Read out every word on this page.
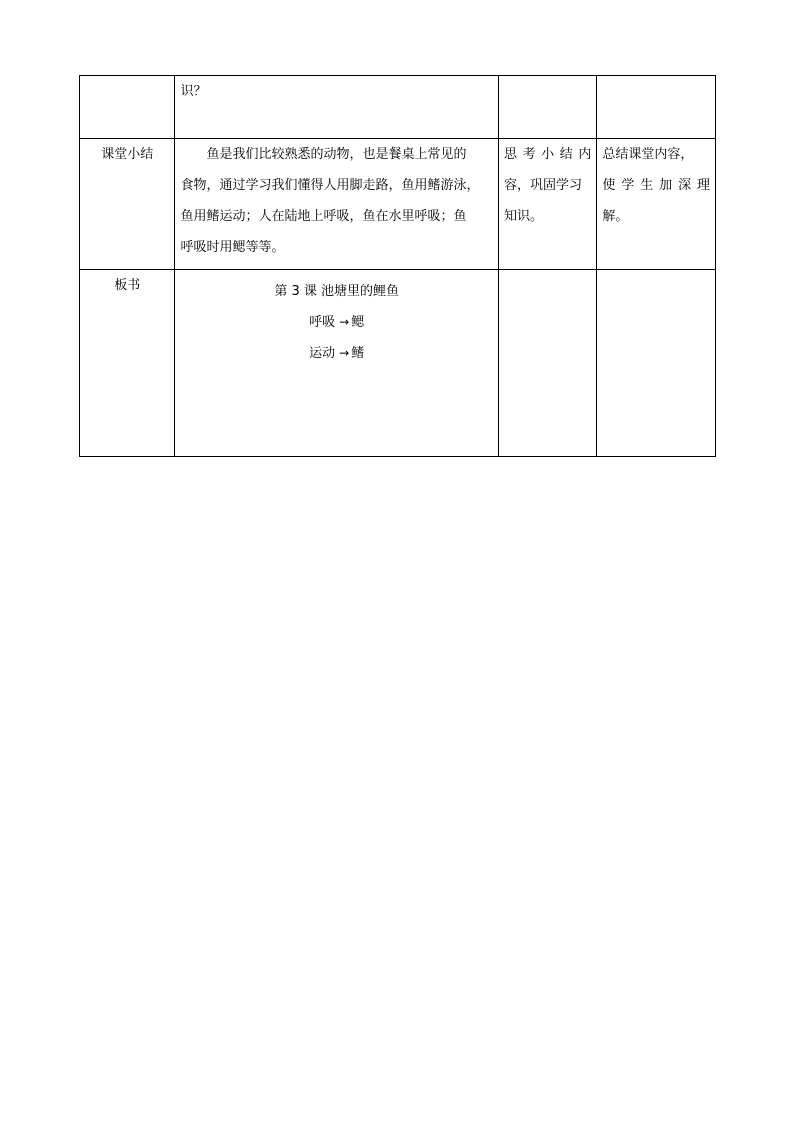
	识？		

课堂小结	鱼是我们比较熟悉的动物，也是餐桌上常见的
食物，通过学习我们懂得人用脚走路，鱼用鳍游泳，
鱼用鳍运动；人在陆地上呼吸，鱼在水里呼吸；鱼
呼吸时用鳃等等。	思考小结内
容，巩固学习
知识。	总结课堂内容，
使学生加深理
解。

板书	第 3 课 池塘里的鲤鱼
呼吸 → 鳃
运动 → 鳍		
